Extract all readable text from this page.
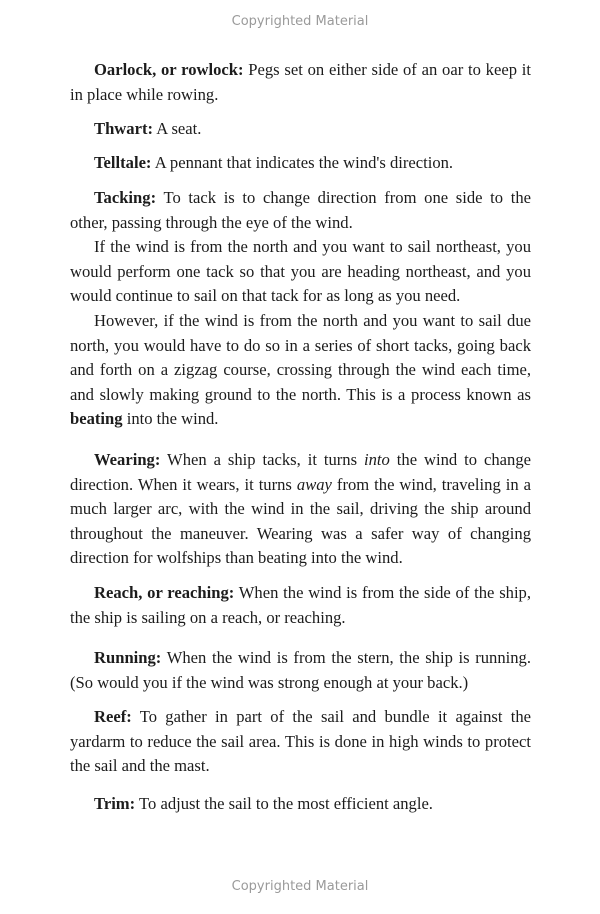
Copyrighted Material

Oarlock, or rowlock: Pegs set on either side of an oar to keep it in place while rowing.

Thwart: A seat.

Telltale: A pennant that indicates the wind's direction.

Tacking: To tack is to change direction from one side to the other, passing through the eye of the wind.

If the wind is from the north and you want to sail northeast, you would perform one tack so that you are heading northeast, and you would continue to sail on that tack for as long as you need.

However, if the wind is from the north and you want to sail due north, you would have to do so in a series of short tacks, going back and forth on a zigzag course, crossing through the wind each time, and slowly making ground to the north. This is a process known as beating into the wind.

Wearing: When a ship tacks, it turns into the wind to change direction. When it wears, it turns away from the wind, traveling in a much larger arc, with the wind in the sail, driving the ship around throughout the maneuver. Wearing was a safer way of changing direction for wolfships than beating into the wind.

Reach, or reaching: When the wind is from the side of the ship, the ship is sailing on a reach, or reaching.

Running: When the wind is from the stern, the ship is running. (So would you if the wind was strong enough at your back.)

Reef: To gather in part of the sail and bundle it against the yardarm to reduce the sail area. This is done in high winds to protect the sail and the mast.

Trim: To adjust the sail to the most efficient angle.

Copyrighted Material
